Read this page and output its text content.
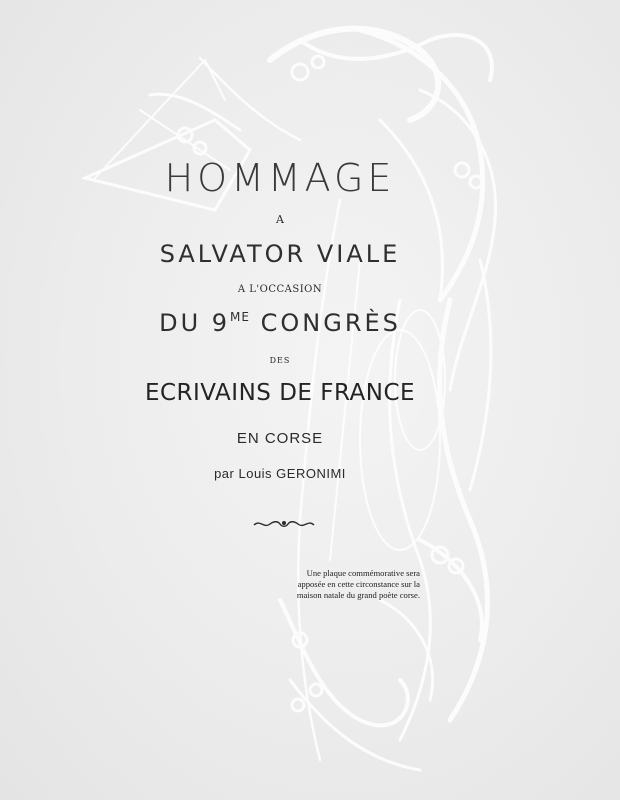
HOMMAGE
A
SALVATOR VIALE
A L'OCCASION
DU $9^{ME}$ CONGRÈS
DES
ECRIVAINS DE FRANCE
EN CORSE
par Louis GERONIMI
Une plaque commémorative sera
apposée en cette circonstance sur la
maison natale du grand poète corse.
